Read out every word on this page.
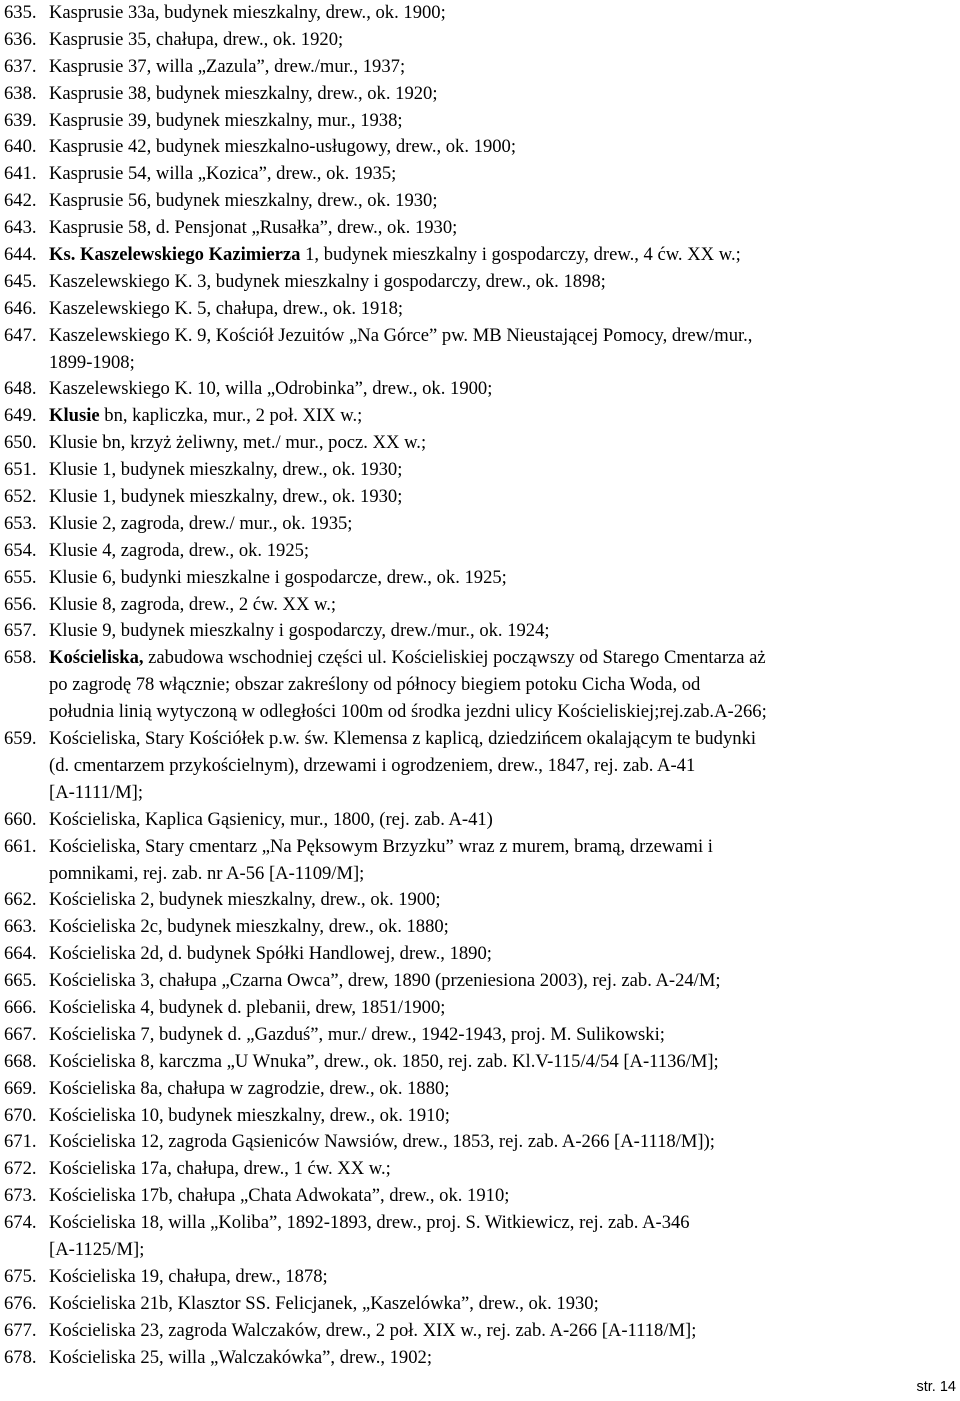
635. Kasprusie 33a, budynek mieszkalny, drew., ok. 1900;
636. Kasprusie 35, chałupa, drew., ok. 1920;
637. Kasprusie 37, willa „Zazula”, drew./mur., 1937;
638. Kasprusie 38, budynek mieszkalny, drew., ok. 1920;
639. Kasprusie 39, budynek mieszkalny, mur., 1938;
640. Kasprusie 42, budynek mieszkalno-usługowy, drew., ok. 1900;
641. Kasprusie 54, willa „Kozica”, drew., ok. 1935;
642. Kasprusie 56, budynek mieszkalny, drew., ok. 1930;
643. Kasprusie 58, d. Pensjonat „Rusałka”, drew., ok. 1930;
644. Ks. Kaszelewskiego Kazimierza 1, budynek mieszkalny i gospodarczy, drew., 4 ćw. XX w.;
645. Kaszelewskiego K. 3, budynek mieszkalny i gospodarczy, drew., ok. 1898;
646. Kaszelewskiego K. 5, chałupa, drew., ok. 1918;
647. Kaszelewskiego K. 9, Kościół Jezuitów „Na Górce” pw. MB Nieustającej Pomocy, drew/mur.,
1899-1908;
648. Kaszelewskiego K. 10, willa „Odrobinka”, drew., ok. 1900;
649. Klusie bn, kapliczka, mur., 2 poł. XIX w.;
650. Klusie bn, krzyż żeliwny, met./ mur., pocz. XX w.;
651. Klusie 1, budynek mieszkalny, drew., ok. 1930;
652. Klusie 1, budynek mieszkalny, drew., ok. 1930;
653. Klusie 2, zagroda, drew./ mur., ok. 1935;
654. Klusie 4, zagroda, drew., ok. 1925;
655. Klusie 6, budynki mieszkalne i gospodarcze, drew., ok. 1925;
656. Klusie 8, zagroda, drew., 2 ćw. XX w.;
657. Klusie 9, budynek mieszkalny i gospodarczy, drew./mur., ok. 1924;
658. Kościeliska, zabudowa wschodniej części ul. Kościeliskiej począwszy od Starego Cmentarza aż
po zagrodę 78 włącznie; obszar zakreślony od północy biegiem potoku Cicha Woda, od
południa linią wytyczoną w odległości 100m od środka jezdni ulicy Kościeliskiej;rej.zab.A-266;
659. Kościeliska, Stary Kościółek p.w. św. Klemensa z kaplicą, dziedzińcem okalającym te budynki
(d. cmentarzem przykościelnym), drzewami i ogrodzeniem, drew., 1847, rej. zab. A-41
[A-1111/M];
660. Kościeliska, Kaplica Gąsienicy, mur., 1800, (rej. zab. A-41)
661. Kościeliska, Stary cmentarz „Na Pęksowym Brzyzku” wraz z murem, bramą, drzewami i
pomnikami, rej. zab. nr A-56 [A-1109/M];
662. Kościeliska 2, budynek mieszkalny, drew., ok. 1900;
663. Kościeliska 2c, budynek mieszkalny, drew., ok. 1880;
664. Kościeliska 2d, d. budynek Spółki Handlowej, drew., 1890;
665. Kościeliska 3, chałupa „Czarna Owca”, drew, 1890 (przeniesiona 2003), rej. zab. A-24/M;
666. Kościeliska 4, budynek d. plebanii, drew, 1851/1900;
667. Kościeliska 7, budynek d. „Gazduś”, mur./ drew., 1942-1943, proj. M. Sulikowski;
668. Kościeliska 8, karczma „U Wnuka”, drew., ok. 1850, rej. zab. Kl.V-115/4/54 [A-1136/M];
669. Kościeliska 8a, chałupa w zagrodzie, drew., ok. 1880;
670. Kościeliska 10, budynek mieszkalny, drew., ok. 1910;
671. Kościeliska 12, zagroda Gąsieniców Nawsiów, drew., 1853, rej. zab. A-266 [A-1118/M]);
672. Kościeliska 17a, chałupa, drew., 1 ćw. XX w.;
673. Kościeliska 17b, chałupa „Chata Adwokata”, drew., ok. 1910;
674. Kościeliska 18, willa „Koliba”, 1892-1893, drew., proj. S. Witkiewicz, rej. zab. A-346
[A-1125/M];
675. Kościeliska 19, chałupa, drew., 1878;
676. Kościeliska 21b, Klasztor SS. Felicjanek, „Kaszelówka”, drew., ok. 1930;
677. Kościeliska 23, zagroda Walczaków, drew., 2 poł. XIX w., rej. zab. A-266 [A-1118/M];
678. Kościeliska 25, willa „Walczakówka”, drew., 1902;
str. 14
